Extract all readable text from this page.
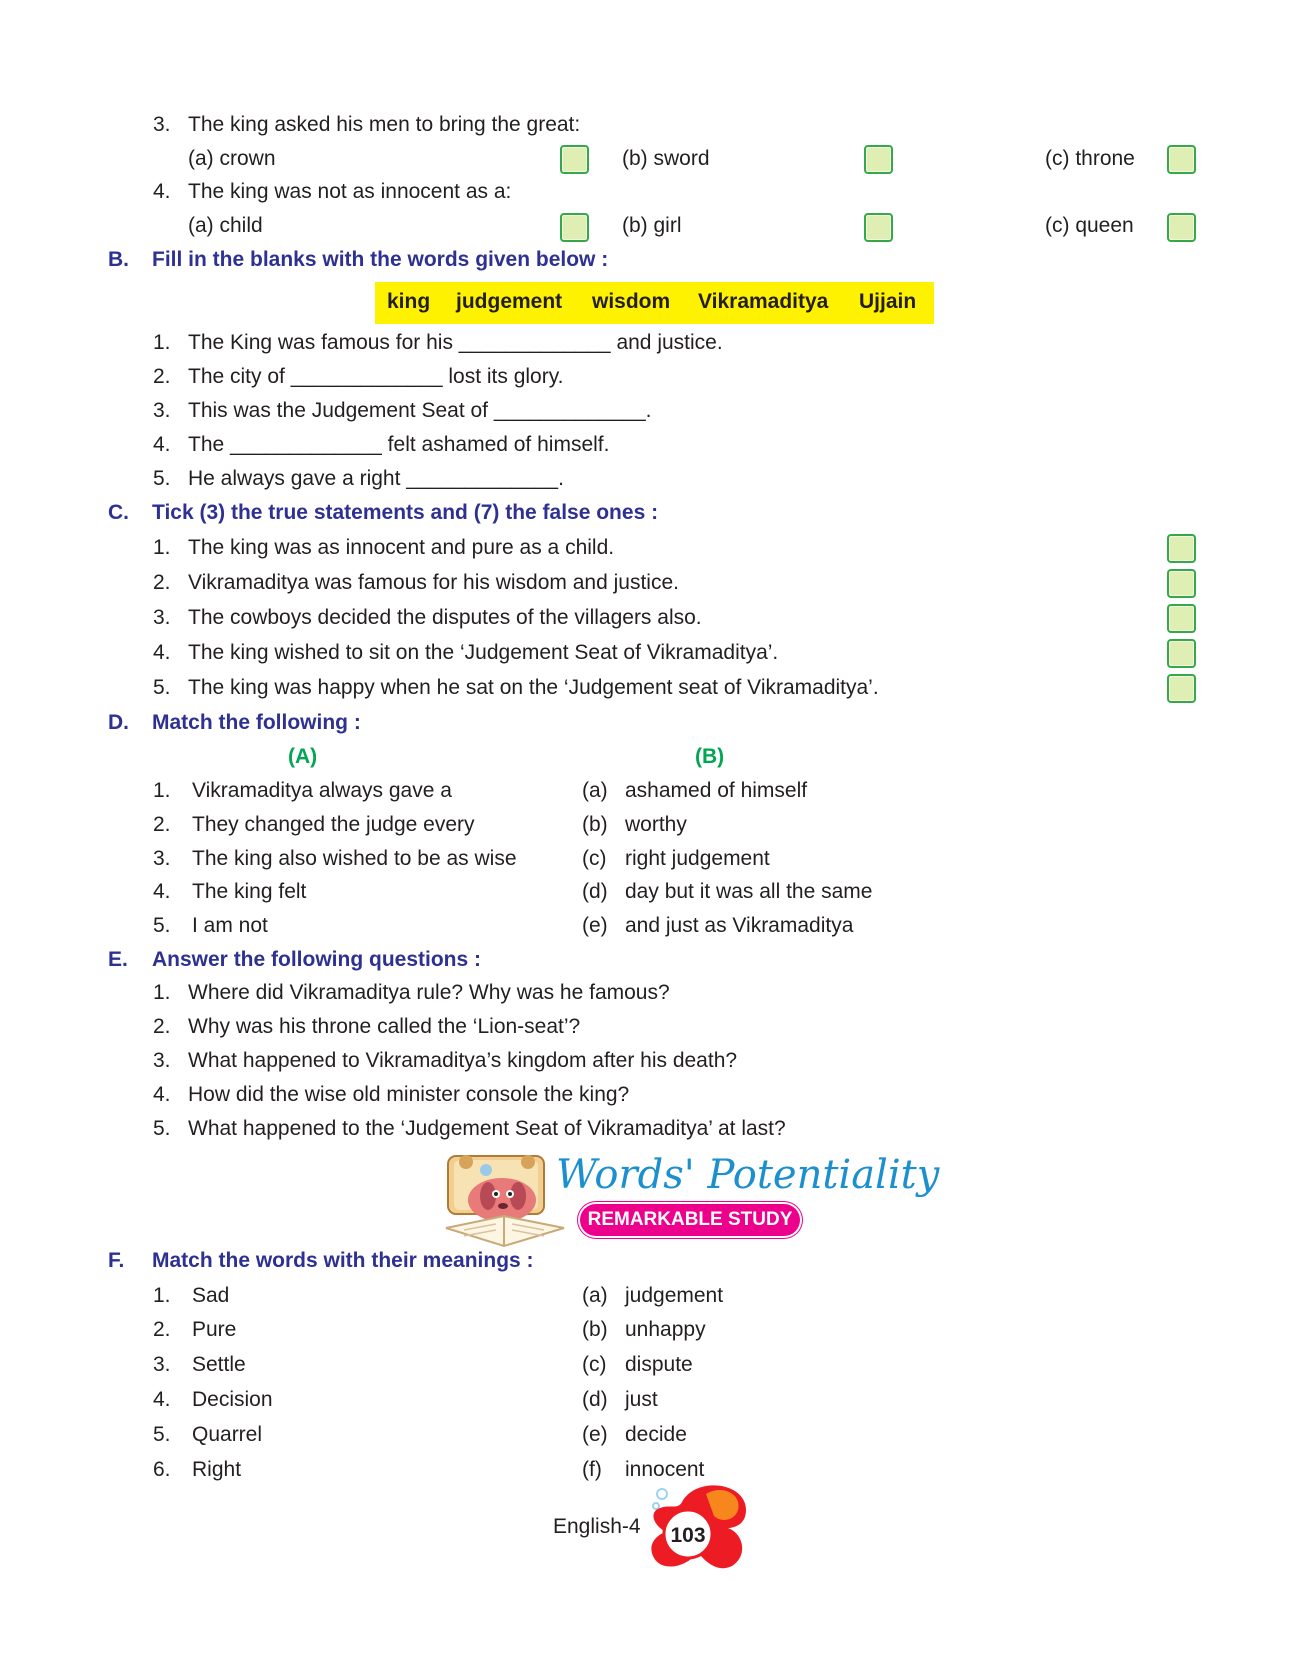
3. The king asked his men to bring the great:
(a) crown	(b) sword	(c) throne
4. The king was not as innocent as a:
(a) child	(b) girl	(c) queen
B. Fill in the blanks with the words given below :
king judgement wisdom Vikramaditya Ujjain
1. The King was famous for his _____________ and justice.
2. The city of _____________ lost its glory.
3. This was the Judgement Seat of _____________.
4. The _____________ felt ashamed of himself.
5. He always gave a right _____________.
C. Tick (3) the true statements and (7) the false ones :
1. The king was as innocent and pure as a child.
2. Vikramaditya was famous for his wisdom and justice.
3. The cowboys decided the disputes of the villagers also.
4. The king wished to sit on the ‘Judgement Seat of Vikramaditya’.
5. The king was happy when he sat on the ‘Judgement seat of Vikramaditya’.
D. Match the following :
(A)	(B)
1. Vikramaditya always gave a	(a) ashamed of himself
2. They changed the judge every	(b) worthy
3. The king also wished to be as wise	(c) right judgement
4. The king felt	(d) day but it was all the same
5. I am not	(e) and just as Vikramaditya
E. Answer the following questions :
1. Where did Vikramaditya rule? Why was he famous?
2. Why was his throne called the ‘Lion-seat’?
3. What happened to Vikramaditya’s kingdom after his death?
4. How did the wise old minister console the king?
5. What happened to the ‘Judgement Seat of Vikramaditya’ at last?
Words' Potentiality
REMARKABLE STUDY
F. Match the words with their meanings :
1. Sad	(a) judgement
2. Pure	(b) unhappy
3. Settle	(c) dispute
4. Decision	(d) just
5. Quarrel	(e) decide
6. Right	(f) innocent
English-4 103
